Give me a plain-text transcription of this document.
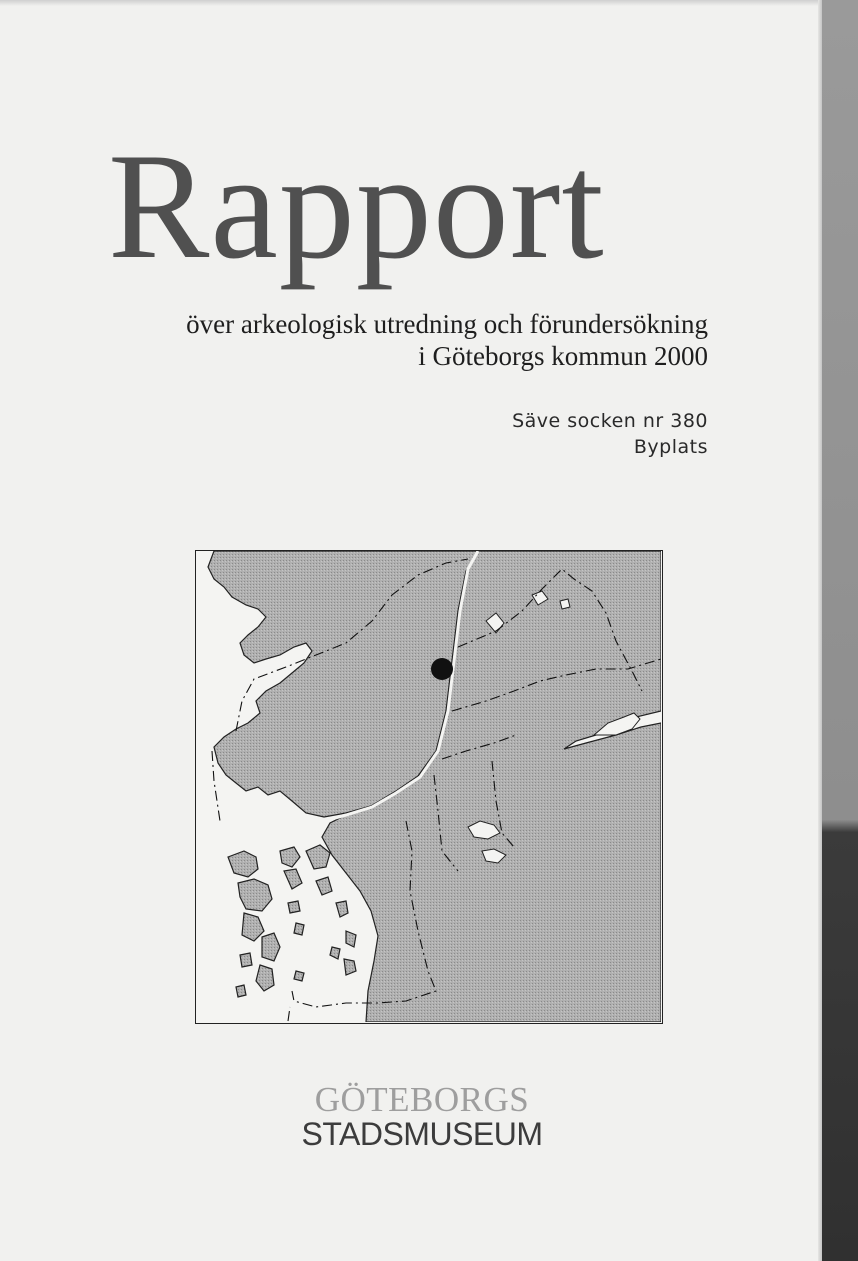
Rapport
över arkeologisk utredning och förundersökning
i Göteborgs kommun 2000
Säve socken nr 380
Byplats
GÖTEBORGS
STADSMUSEUM
